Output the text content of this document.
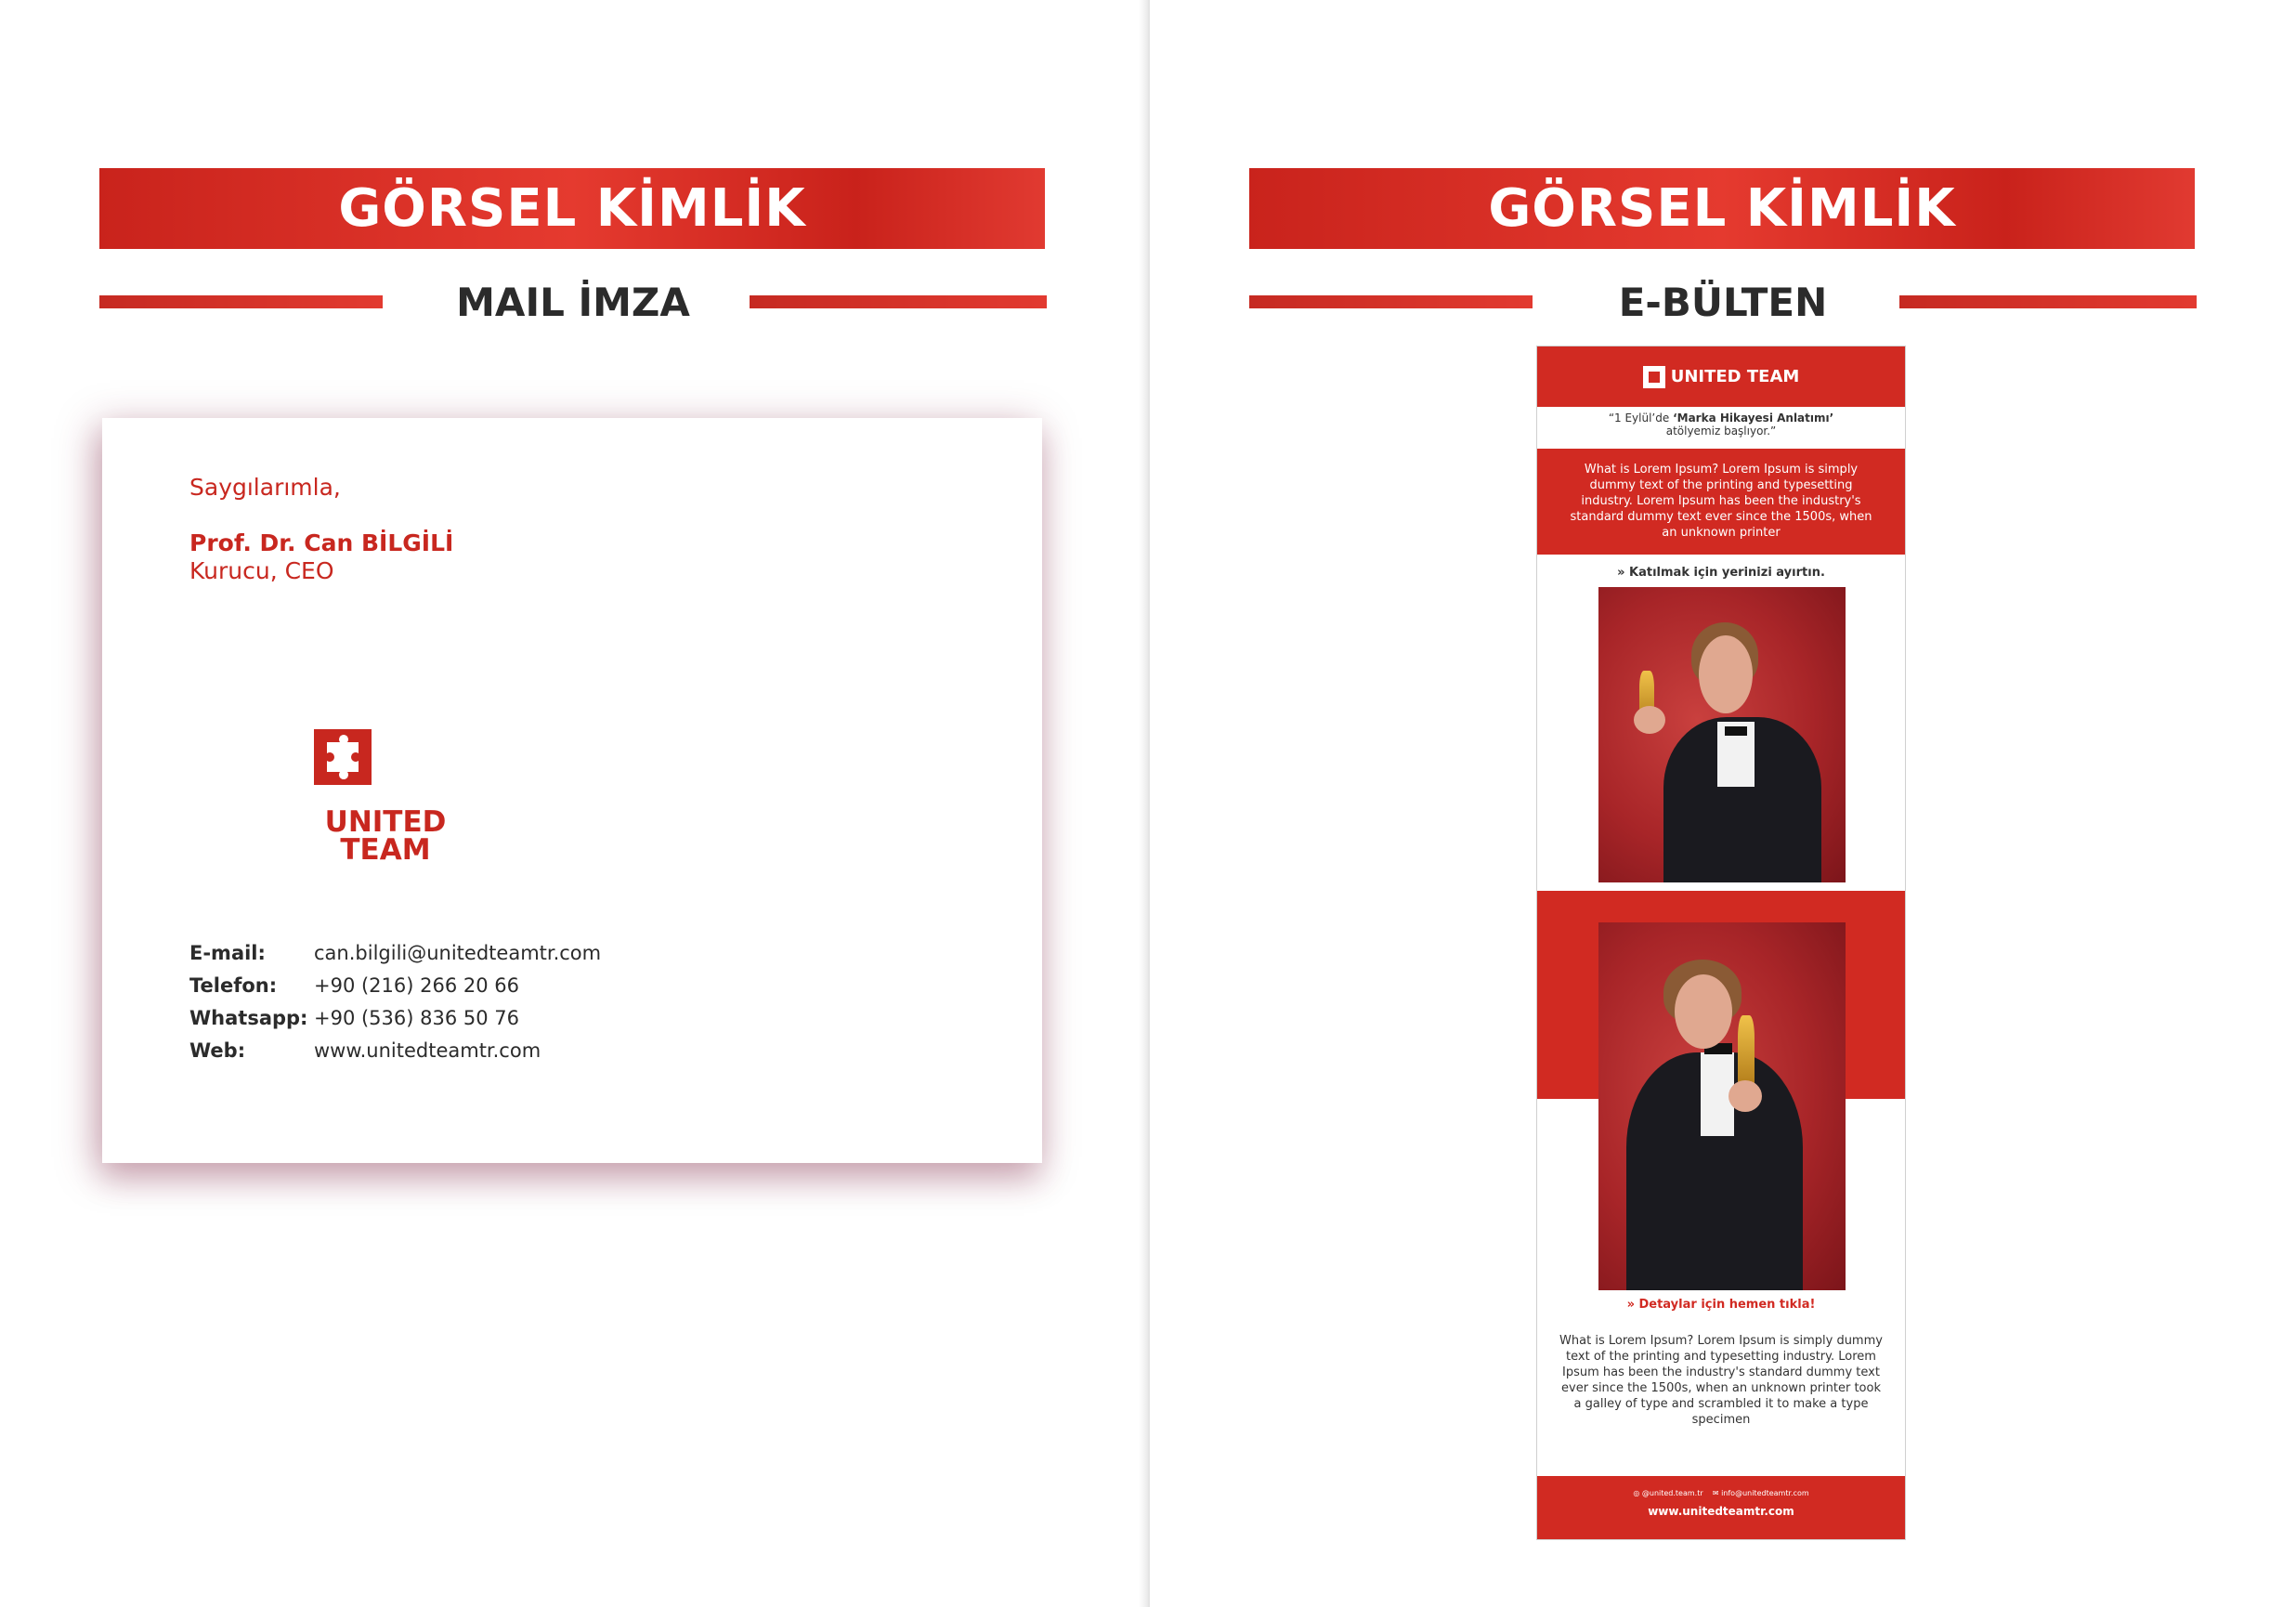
GÖRSEL KİMLİK
MAIL İMZA
Saygılarımla,
Prof. Dr. Can BİLGİLİ
Kurucu, CEO
UNITED
TEAM
E-mail:	can.bilgili@unitedteamtr.com
Telefon:	+90 (216) 266 20 66
Whatsapp: +90 (536) 836 50 76
Web:	www.unitedteamtr.com
GÖRSEL KİMLİK
E-BÜLTEN
UNITED TEAM
“1 Eylül’de ‘Marka Hikayesi Anlatımı’
atölyemiz başlıyor.”
What is Lorem Ipsum? Lorem Ipsum is simply dummy text of the printing and typesetting industry. Lorem Ipsum has been the industry's standard dummy text ever since the 1500s, when an unknown printer
» Katılmak için yerinizi ayırtın.
» Detaylar için hemen tıkla!
What is Lorem Ipsum? Lorem Ipsum is simply dummy text of the printing and typesetting industry. Lorem Ipsum has been the industry's standard dummy text ever since the 1500s, when an unknown printer took a galley of type and scrambled it to make a type specimen
◎ @united.team.tr ✉ info@unitedteamtr.com
www.unitedteamtr.com
